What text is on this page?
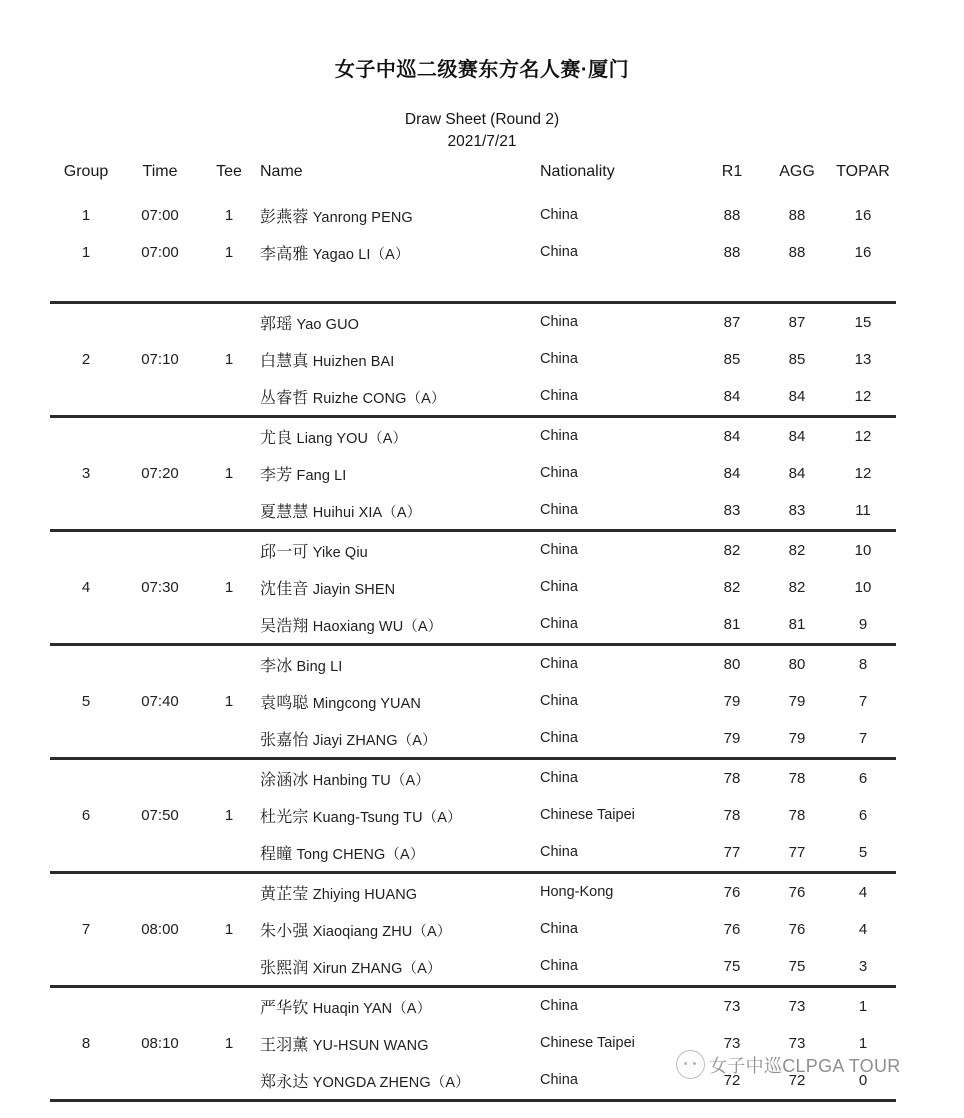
女子中巡二级赛东方名人赛·厦门
Draw Sheet (Round 2)
2021/7/21
Group	Time	Tee	Name	Nationality	R1	AGG	TOPAR
1	07:00	1	彭燕蓉 Yanrong PENG	China	88	88	16
1	07:00	1	李高雅 Yagao LI（A）	China	88	88	16

			郭瑶 Yao GUO	China	87	87	15
2	07:10	1	白慧真 Huizhen BAI	China	85	85	13
			丛睿哲 Ruizhe CONG（A）	China	84	84	12
			尤良 Liang YOU（A）	China	84	84	12
3	07:20	1	李芳 Fang LI	China	84	84	12
			夏慧慧 Huihui XIA（A）	China	83	83	11
			邱一可 Yike Qiu	China	82	82	10
4	07:30	1	沈佳音 Jiayin SHEN	China	82	82	10
			吴浩翔 Haoxiang WU（A）	China	81	81	9
			李冰 Bing LI	China	80	80	8
5	07:40	1	袁鸣聪 Mingcong YUAN	China	79	79	7
			张嘉怡 Jiayi ZHANG（A）	China	79	79	7
			涂涵冰 Hanbing TU（A）	China	78	78	6
6	07:50	1	杜光宗 Kuang-Tsung TU（A）	Chinese Taipei	78	78	6
			程瞳 Tong CHENG（A）	China	77	77	5
			黄芷莹 Zhiying HUANG	Hong-Kong	76	76	4
7	08:00	1	朱小强 Xiaoqiang ZHU（A）	China	76	76	4
			张熙润 Xirun ZHANG（A）	China	75	75	3
			严华钦 Huaqin YAN（A）	China	73	73	1
8	08:10	1	王羽薰 YU-HSUN WANG	Chinese Taipei	73	73	1
			郑永达 YONGDA ZHENG（A）	China	72	72	0
女子中巡CLPGA TOUR
